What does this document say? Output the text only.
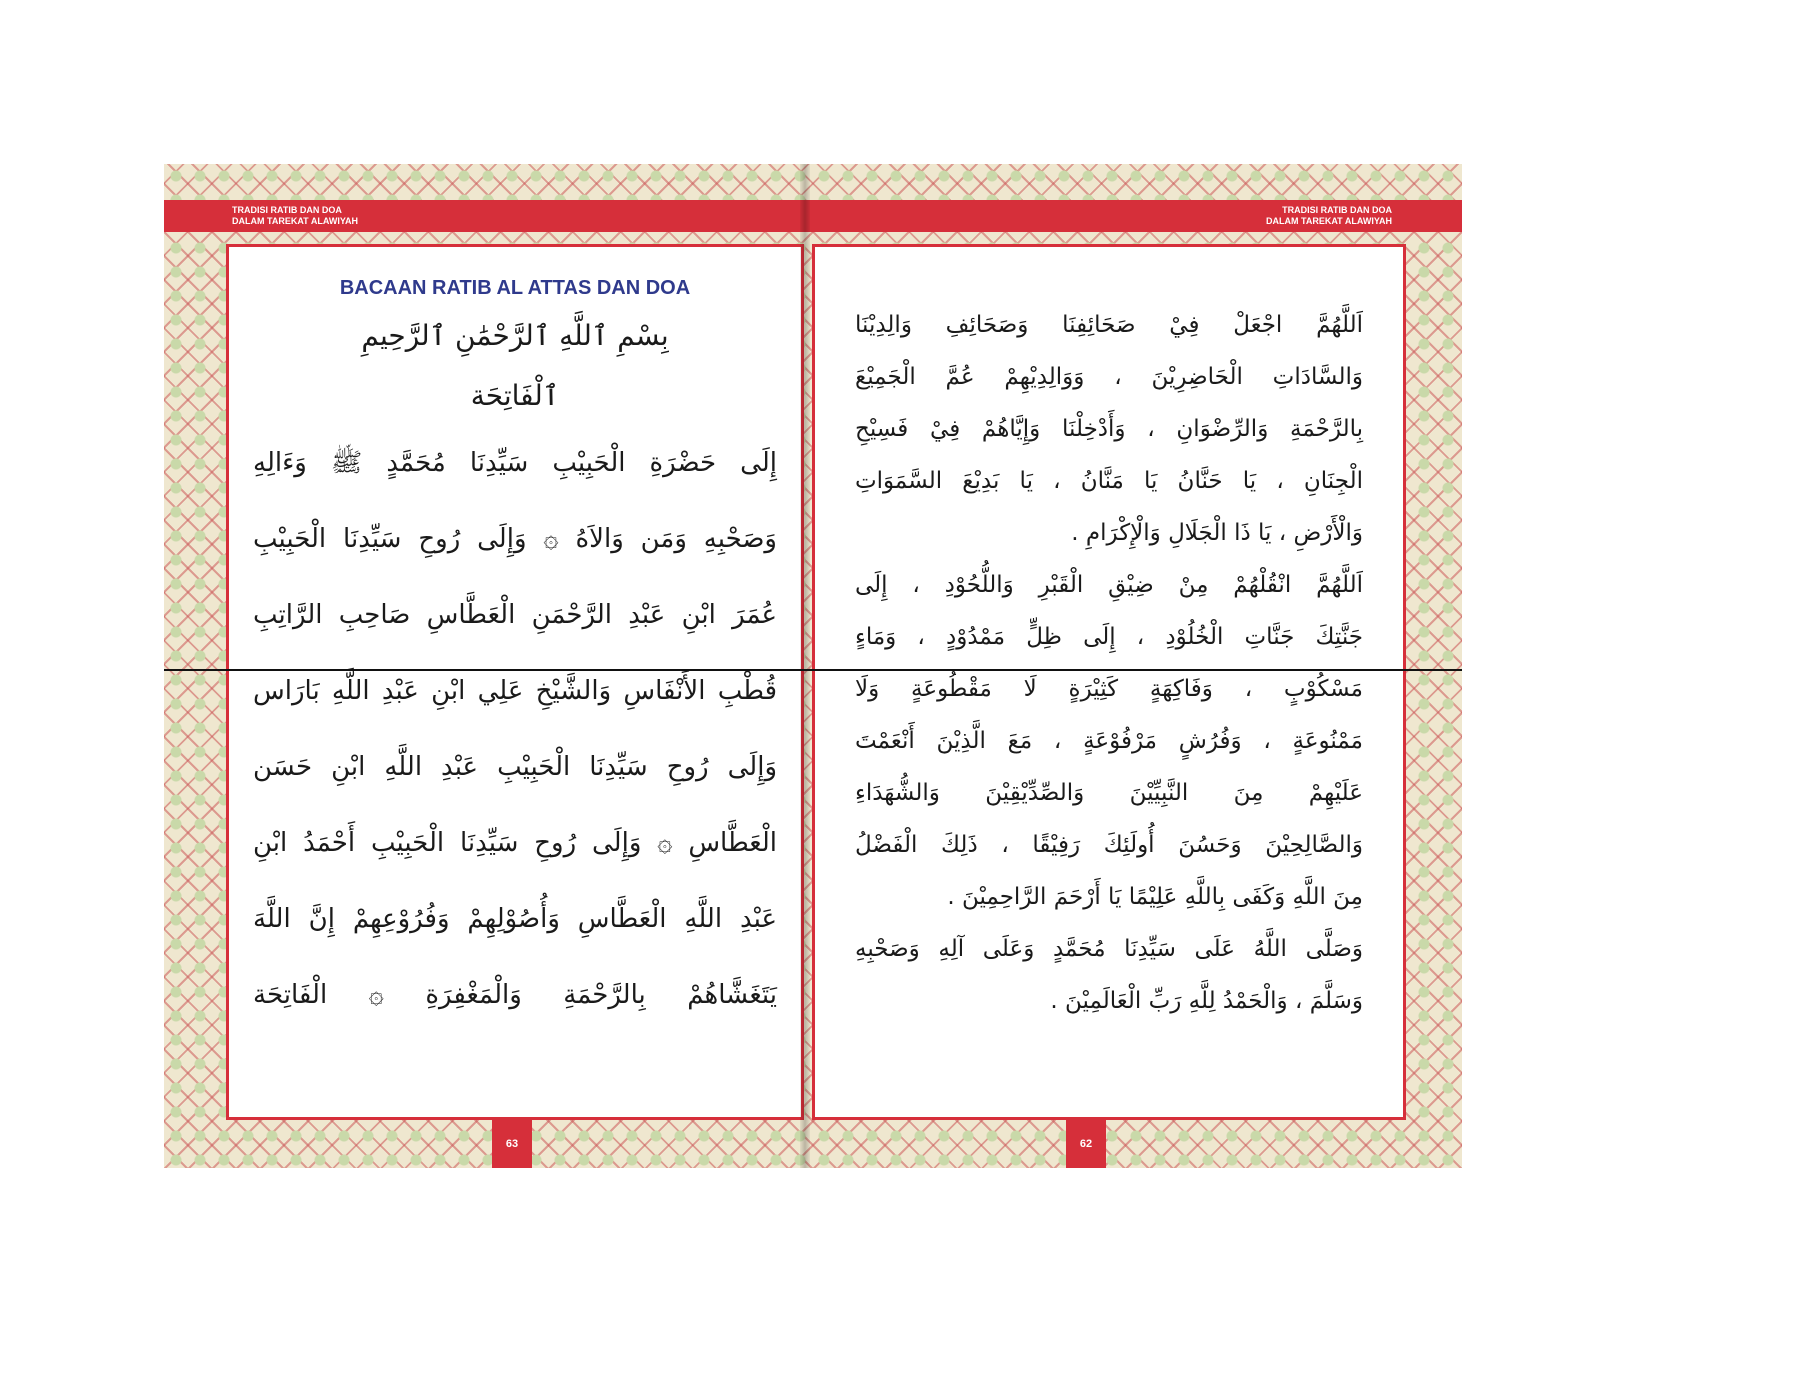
TRADISI RATIB DAN DOA
DALAM TAREKAT ALAWIYAH
BACAAN RATIB AL ATTAS DAN DOA
بِسْمِ ٱللَّهِ ٱلرَّحْمَٰنِ ٱلرَّحِيمِ
ٱلْفَاتِحَة
إِلَى حَضْرَةِ الْحَبِيْبِ سَيِّدِنَا مُحَمَّدٍ ﷺ وَءَالِهِ
وَصَحْبِهِ وَمَن وَالاَهُ ۞ وَإِلَى رُوحِ سَيِّدِنَا الْحَبِيْبِ
عُمَرَ ابْنِ عَبْدِ الرَّحْمَنِ الْعَطَّاسِ صَاحِبِ الرَّاتِبِ
قُطْبِ الأَنْفَاسِ وَالشَّيْخِ عَلِي ابْنِ عَبْدِ اللَّهِ بَارَاس
وَإِلَى رُوحِ سَيِّدِنَا الْحَبِيْبِ عَبْدِ اللَّهِ ابْنِ حَسَن
الْعَطَّاسِ ۞ وَإِلَى رُوحِ سَيِّدِنَا الْحَبِيْبِ أَحْمَدُ ابْنِ
عَبْدِ اللَّهِ الْعَطَّاسِ وَأُصُوْلِهِمْ وَفُرُوْعِهِمْ إِنَّ اللَّهَ
يَتَغَشَّاهُمْ بِالرَّحْمَةِ وَالْمَغْفِرَةِ ۞ الْفَاتِحَة
63
TRADISI RATIB DAN DOA
DALAM TAREKAT ALAWIYAH
اَللَّهُمَّ اجْعَلْ فِيْ صَحَائِفِنَا وَصَحَائِفِ وَالِدِيْنَا
وَالسَّادَاتِ الْحَاضِرِيْنَ ، وَوَالِدِيْهِمْ عُمَّ الْجَمِيْعَ
بِالرَّحْمَةِ وَالرِّضْوَانِ ، وَأَدْخِلْنَا وَإِيَّاهُمْ فِيْ فَسِيْحِ
الْجِنَانِ ، يَا حَنَّانُ يَا مَنَّانُ ، يَا بَدِيْعَ السَّمَوَاتِ
وَالْأَرْضِ ، يَا ذَا الْجَلَالِ وَالْإِكْرَامِ .
اَللَّهُمَّ انْقُلْهُمْ مِنْ ضِيْقِ الْقَبْرِ وَاللُّحُوْدِ ، إِلَى
جَنَّتِكَ جَنَّاتِ الْخُلُوْدِ ، إِلَى ظِلٍّ مَمْدُوْدٍ ، وَمَاءٍ
مَسْكُوْبٍ ، وَفَاكِهَةٍ كَثِيْرَةٍ لَا مَقْطُوعَةٍ وَلَا
مَمْنُوعَةٍ ، وَفُرُشٍ مَرْفُوْعَةٍ ، مَعَ الَّذِيْنَ أَنْعَمْتَ
عَلَيْهِمْ مِنَ النَّبِيِّيْنَ وَالصِّدِّيْقِيْنَ وَالشُّهَدَاءِ
وَالصَّالِحِيْنَ وَحَسُنَ أُولَئِكَ رَفِيْقًا ، ذَلِكَ الْفَضْلُ
مِنَ اللَّهِ وَكَفَى بِاللَّهِ عَلِيْمًا يَا أَرْحَمَ الرَّاحِمِيْنَ .
وَصَلَّى اللَّهُ عَلَى سَيِّدِنَا مُحَمَّدٍ وَعَلَى آلِهِ وَصَحْبِهِ
وَسَلَّمَ ، وَالْحَمْدُ لِلَّهِ رَبِّ الْعَالَمِيْنَ .
62
